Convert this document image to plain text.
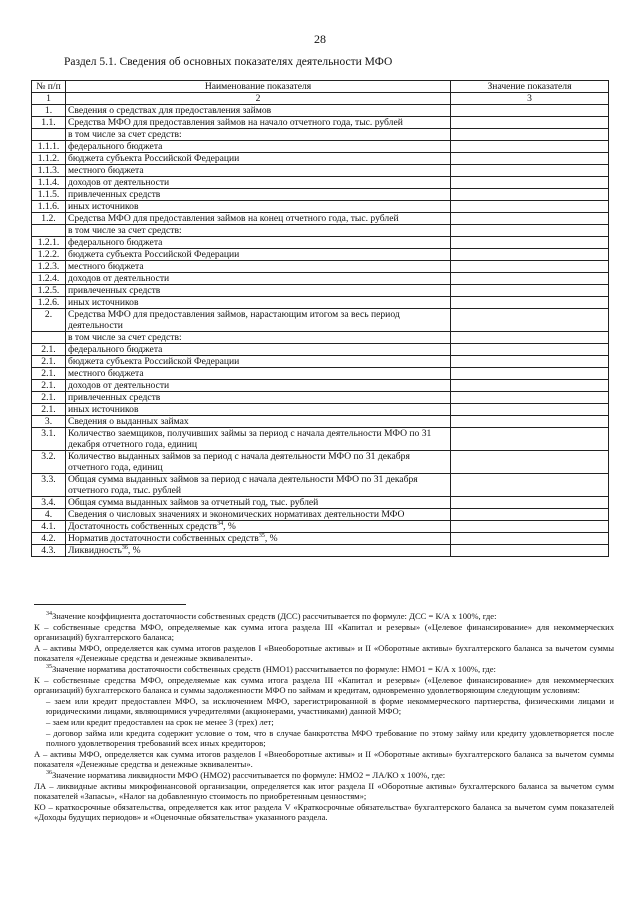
28
Раздел 5.1. Сведения об основных показателях деятельности МФО
№ п/п	Наименование показателя	Значение показателя
1	2	3
1.	Сведения о средствах для предоставления займов	
1.1.	Средства МФО для предоставления займов на начало отчетного года, тыс. рублей	
	в том числе за счет средств:	
1.1.1.	федерального бюджета	
1.1.2.	бюджета субъекта Российской Федерации	
1.1.3.	местного бюджета	
1.1.4.	доходов от деятельности	
1.1.5.	привлеченных средств	
1.1.6.	иных источников	
1.2.	Средства МФО для предоставления займов на конец отчетного года, тыс. рублей	
	в том числе за счет средств:	
1.2.1.	федерального бюджета	
1.2.2.	бюджета субъекта Российской Федерации	
1.2.3.	местного бюджета	
1.2.4.	доходов от деятельности	
1.2.5.	привлеченных средств	
1.2.6.	иных источников	
2.	Средства МФО для предоставления займов, нарастающим итогом за весь период деятельности	
	в том числе за счет средств:	
2.1.	федерального бюджета	
2.1.	бюджета субъекта Российской Федерации	
2.1.	местного бюджета	
2.1.	доходов от деятельности	
2.1.	привлеченных средств	
2.1.	иных источников	
3.	Сведения о выданных займах	
3.1.	Количество заемщиков, получивших займы за период с начала деятельности МФО по 31 декабря отчетного года, единиц	
3.2.	Количество выданных займов за период с начала деятельности МФО по 31 декабря отчетного года, единиц	
3.3.	Общая сумма выданных займов за период с начала деятельности МФО по 31 декабря отчетного года, тыс. рублей	
3.4.	Общая сумма выданных займов за отчетный год, тыс. рублей	
4.	Сведения о числовых значениях и экономических нормативах деятельности МФО	
4.1.	Достаточность собственных средств$^{34}$, %	
4.2.	Норматив достаточности собственных средств$^{35}$, %	
4.3.	Ликвидность$^{36}$, %	

$^{34}$Значение коэффициента достаточности собственных средств (ДСС) рассчитывается по формуле: ДСС = К/А х 100%, где:

К – собственные средства МФО, определяемые как сумма итога раздела III «Капитал и резервы» («Целевое финансирование» для некоммерческих организаций) бухгалтерского баланса;

А – активы МФО, определяется как сумма итогов разделов I «Внеоборотные активы» и II «Оборотные активы» бухгалтерского баланса за вычетом суммы показателя «Денежные средства и денежные эквиваленты».

$^{35}$Значение норматива достаточности собственных средств (НМО1) рассчитывается по формуле: НМО1 = К/А х 100%, где:

К – собственные средства МФО, определяемые как сумма итога раздела III «Капитал и резервы» («Целевое финансирование» для некоммерческих организаций) бухгалтерского баланса и суммы задолженности МФО по займам и кредитам, одновременно удовлетворяющим следующим условиям:

– заем или кредит предоставлен МФО, за исключением МФО, зарегистрированной в форме некоммерческого партнерства, физическими лицами и юридическими лицами, являющимися учредителями (акционерами, участниками) данной МФО;

– заем или кредит предоставлен на срок не менее 3 (трех) лет;

– договор займа или кредита содержит условие о том, что в случае банкротства МФО требование по этому займу или кредиту удовлетворяется после полного удовлетворения требований всех иных кредиторов;

А – активы МФО, определяется как сумма итогов разделов I «Внеоборотные активы» и II «Оборотные активы» бухгалтерского баланса за вычетом суммы показателя «Денежные средства и денежные эквиваленты».

$^{36}$Значение норматива ликвидности МФО (НМО2) рассчитывается по формуле: НМО2 = ЛА/КО х 100%, где:

ЛА – ликвидные активы микрофинансовой организации, определяется как итог раздела II «Оборотные активы» бухгалтерского баланса за вычетом сумм показателей «Запасы», «Налог на добавленную стоимость по приобретенным ценностям»;

КО – краткосрочные обязательства, определяется как итог раздела V «Краткосрочные обязательства» бухгалтерского баланса за вычетом сумм показателей «Доходы будущих периодов» и «Оценочные обязательства» указанного раздела.
